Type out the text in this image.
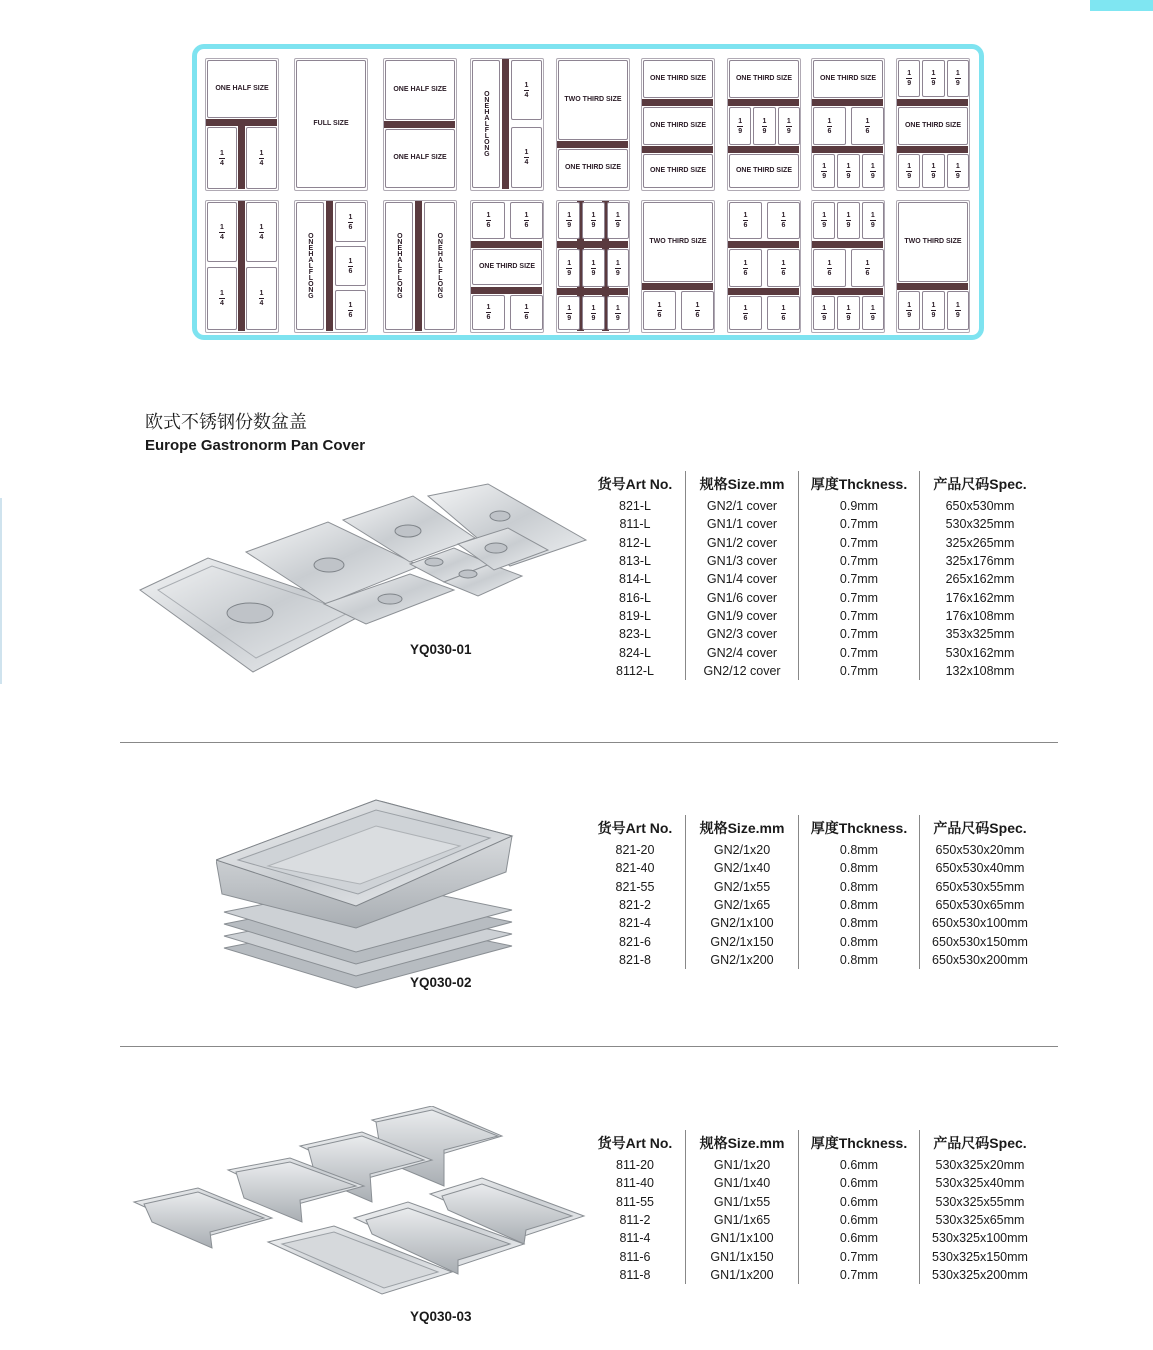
ONE HALF SIZE
1
4
1
4
FULL SIZE
ONE HALF SIZE
ONE HALF SIZE
ONEHALFLONG
1
4
1
4
TWO THIRD SIZE
ONE THIRD SIZE
ONE THIRD SIZE
ONE THIRD SIZE
ONE THIRD SIZE
ONE THIRD SIZE
1
9
1
9
1
9
ONE THIRD SIZE
ONE THIRD SIZE
1
6
1
6
1
9
1
9
1
9
1
9
1
9
1
9
ONE THIRD SIZE
1
9
1
9
1
9
1
4
1
4
1
4
1
4
ONEHALFLONG
1
6
1
6
1
6
ONEHALFLONG	ONEHALFLONG
1
6
1
6
ONE THIRD SIZE
1
6
1
6
1
9
1
9
1
9
1
9
1
9
1
9
1
9
1
9
1
9
TWO THIRD SIZE
1
6
1
6
1
6
1
6
1
6
1
6
1
6
1
6
1
9
1
9
1
9
1
6
1
6
1
9
1
9
1
9
TWO THIRD SIZE
1
9
1
9
1
9
欧式不锈钢份数盆盖
Europe Gastronorm Pan Cover
YQ030-01
货号Art No.	规格Size.mm	厚度Thckness.	产品尺码Spec.
821-L	GN2/1 cover	0.9mm	650x530mm
811-L	GN1/1 cover	0.7mm	530x325mm
812-L	GN1/2 cover	0.7mm	325x265mm
813-L	GN1/3 cover	0.7mm	325x176mm
814-L	GN1/4 cover	0.7mm	265x162mm
816-L	GN1/6 cover	0.7mm	176x162mm
819-L	GN1/9 cover	0.7mm	176x108mm
823-L	GN2/3 cover	0.7mm	353x325mm
824-L	GN2/4 cover	0.7mm	530x162mm
8112-L	GN2/12 cover	0.7mm	132x108mm
YQ030-02
货号Art No.	规格Size.mm	厚度Thckness.	产品尺码Spec.
821-20	GN2/1x20	0.8mm	650x530x20mm
821-40	GN2/1x40	0.8mm	650x530x40mm
821-55	GN2/1x55	0.8mm	650x530x55mm
821-2	GN2/1x65	0.8mm	650x530x65mm
821-4	GN2/1x100	0.8mm	650x530x100mm
821-6	GN2/1x150	0.8mm	650x530x150mm
821-8	GN2/1x200	0.8mm	650x530x200mm
YQ030-03
货号Art No.	规格Size.mm	厚度Thckness.	产品尺码Spec.
811-20	GN1/1x20	0.6mm	530x325x20mm
811-40	GN1/1x40	0.6mm	530x325x40mm
811-55	GN1/1x55	0.6mm	530x325x55mm
811-2	GN1/1x65	0.6mm	530x325x65mm
811-4	GN1/1x100	0.6mm	530x325x100mm
811-6	GN1/1x150	0.7mm	530x325x150mm
811-8	GN1/1x200	0.7mm	530x325x200mm
